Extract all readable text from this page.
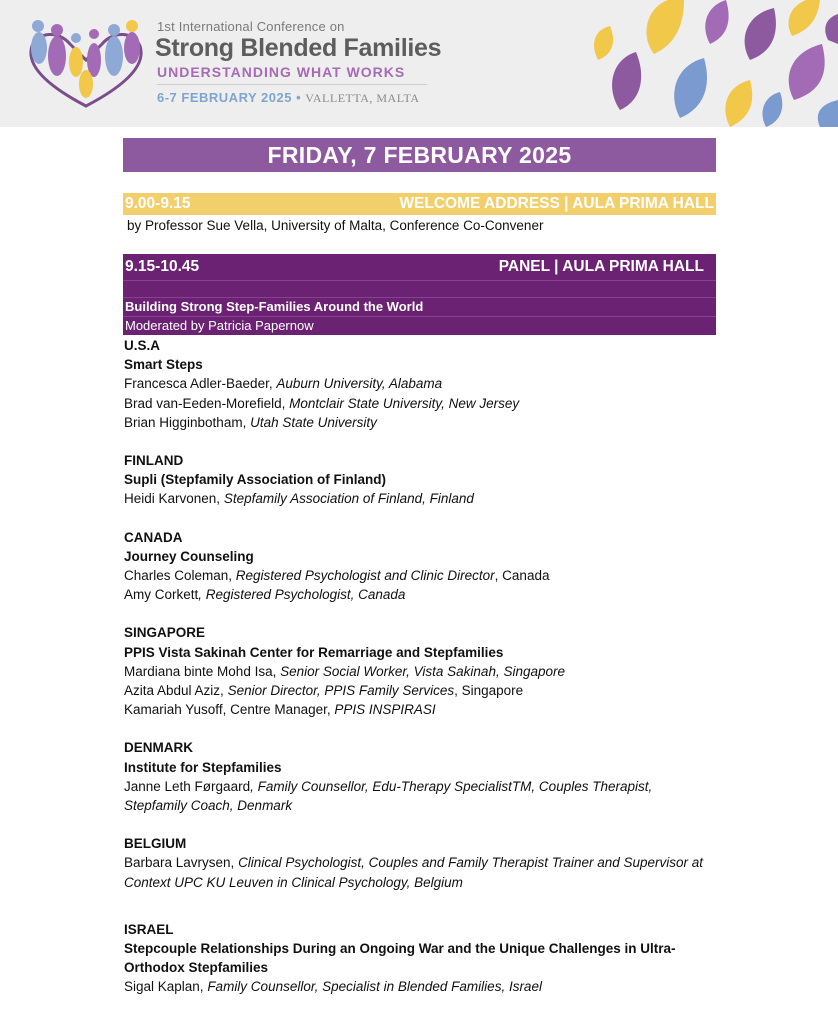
1st International Conference on
Strong Blended Families
UNDERSTANDING WHAT WORKS
6-7 FEBRUARY 2025 • VALLETTA, MALTA
FRIDAY, 7 FEBRUARY 2025
9.00-9.15	WELCOME ADDRESS | AULA PRIMA HALL
by Professor Sue Vella, University of Malta, Conference Co-Convener
9.15-10.45	PANEL | AULA PRIMA HALL
Building Strong Step-Families Around the World
Moderated by Patricia Papernow
U.S.A
Smart Steps
Francesca Adler-Baeder, Auburn University, Alabama
Brad van-Eeden-Morefield, Montclair State University, New Jersey
Brian Higginbotham, Utah State University
FINLAND
Supli (Stepfamily Association of Finland)
Heidi Karvonen, Stepfamily Association of Finland, Finland
CANADA
Journey Counseling
Charles Coleman, Registered Psychologist and Clinic Director, Canada
Amy Corkett, Registered Psychologist, Canada
SINGAPORE
PPIS Vista Sakinah Center for Remarriage and Stepfamilies
Mardiana binte Mohd Isa, Senior Social Worker, Vista Sakinah, Singapore
Azita Abdul Aziz, Senior Director, PPIS Family Services, Singapore
Kamariah Yusoff, Centre Manager, PPIS INSPIRASI
DENMARK
Institute for Stepfamilies
Janne Leth Førgaard, Family Counsellor, Edu-Therapy SpecialistTM, Couples Therapist, Stepfamily Coach, Denmark
BELGIUM
Barbara Lavrysen, Clinical Psychologist, Couples and Family Therapist Trainer and Supervisor at Context UPC KU Leuven in Clinical Psychology, Belgium
ISRAEL
Stepcouple Relationships During an Ongoing War and the Unique Challenges in Ultra-Orthodox Stepfamilies
Sigal Kaplan, Family Counsellor, Specialist in Blended Families, Israel
